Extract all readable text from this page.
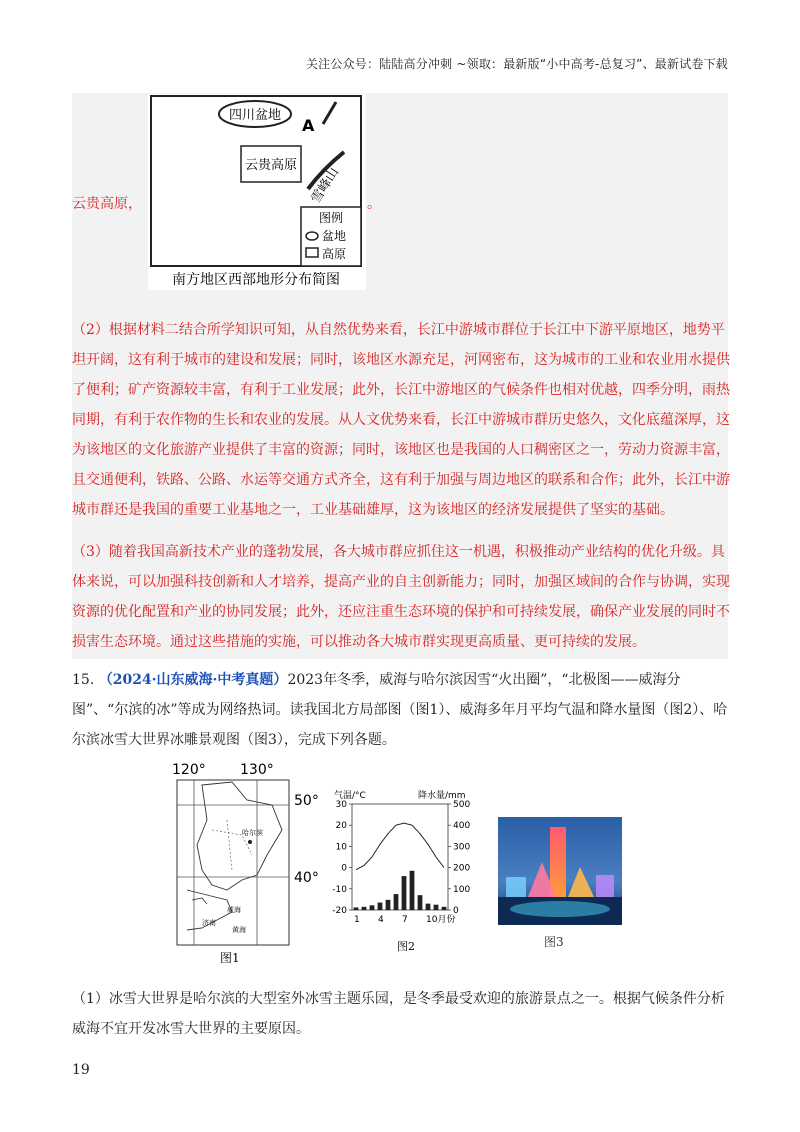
关注公众号：陆陆高分冲刺 ~领取：最新版“小中高考-总复习”、最新试卷下载
云贵高原，	。
四川盆地
A
云贵高原 雪峰山
图例
盆地
高原
南方地区西部地形分布简图
（2）根据材料二结合所学知识可知，从自然优势来看，长江中游城市群位于长江中下游平原地区，地势平坦开阔，这有利于城市的建设和发展；同时，该地区水源充足，河网密布，这为城市的工业和农业用水提供了便利；矿产资源较丰富，有利于工业发展；此外，长江中游地区的气候条件也相对优越，四季分明，雨热同期，有利于农作物的生长和农业的发展。从人文优势来看，长江中游城市群历史悠久，文化底蕴深厚，这为该地区的文化旅游产业提供了丰富的资源；同时，该地区也是我国的人口稠密区之一，劳动力资源丰富，且交通便利，铁路、公路、水运等交通方式齐全，这有利于加强与周边地区的联系和合作；此外，长江中游城市群还是我国的重要工业基地之一，工业基础雄厚，这为该地区的经济发展提供了坚实的基础。
（3）随着我国高新技术产业的蓬勃发展，各大城市群应抓住这一机遇，积极推动产业结构的优化升级。具体来说，可以加强科技创新和人才培养，提高产业的自主创新能力；同时，加强区域间的合作与协调，实现资源的优化配置和产业的协同发展；此外，还应注重生态环境的保护和可持续发展，确保产业发展的同时不损害生态环境。通过这些措施的实施，可以推动各大城市群实现更高质量、更可持续的发展。
15. （2024·山东威海·中考真题）2023年冬季，威海与哈尔滨因雪“火出圈”，“北极图——威海分图”、“尔滨的冰”等成为网络热词。读我国北方局部图（图1）、威海多年月平均气温和降水量图（图2）、哈尔滨冰雪大世界冰雕景观图（图3），完成下列各题。
120° 130°
哈尔滨
威海
济南
黄海
50°
40°
图1
气温/°C	降水量/mm
30
20
10
0
-10
-20
500
400
300
200
100
0
1 4 7 10月份
图2	图3
（1）冰雪大世界是哈尔滨的大型室外冰雪主题乐园，是冬季最受欢迎的旅游景点之一。根据气候条件分析威海不宜开发冰雪大世界的主要原因。
19
